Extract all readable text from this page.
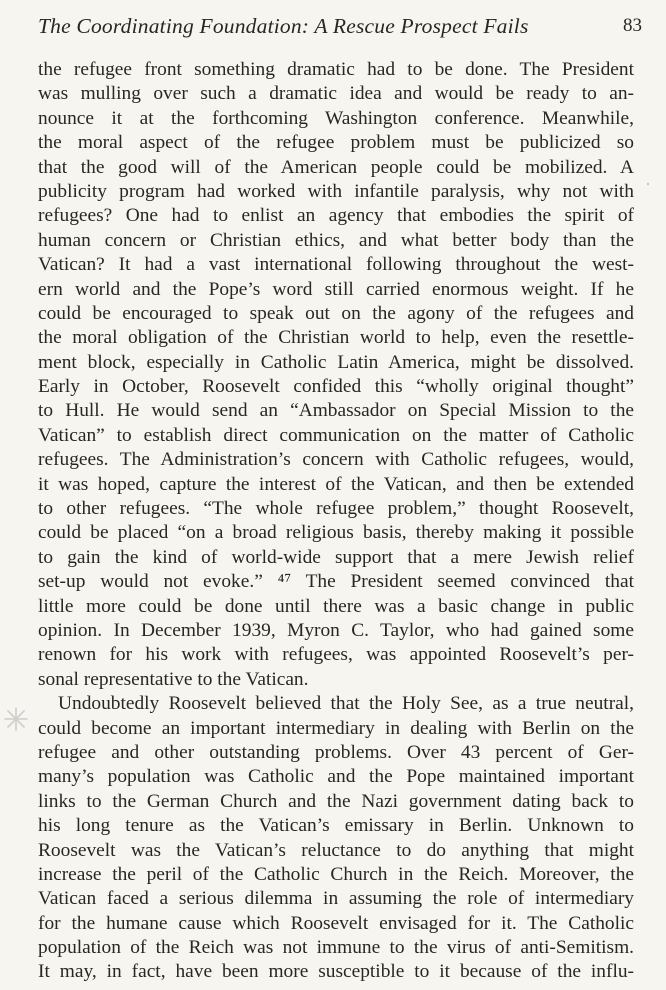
The Coordinating Foundation: A Rescue Prospect Fails	83
the refugee front something dramatic had to be done. The President
was mulling over such a dramatic idea and would be ready to an-
nounce it at the forthcoming Washington conference. Meanwhile,
the moral aspect of the refugee problem must be publicized so
that the good will of the American people could be mobilized. A
publicity program had worked with infantile paralysis, why not with
refugees? One had to enlist an agency that embodies the spirit of
human concern or Christian ethics, and what better body than the
Vatican? It had a vast international following throughout the west-
ern world and the Pope’s word still carried enormous weight. If he
could be encouraged to speak out on the agony of the refugees and
the moral obligation of the Christian world to help, even the resettle-
ment block, especially in Catholic Latin America, might be dissolved.
Early in October, Roosevelt confided this “wholly original thought”
to Hull. He would send an “Ambassador on Special Mission to the
Vatican” to establish direct communication on the matter of Catholic
refugees. The Administration’s concern with Catholic refugees, would,
it was hoped, capture the interest of the Vatican, and then be extended
to other refugees. “The whole refugee problem,” thought Roosevelt,
could be placed “on a broad religious basis, thereby making it possible
to gain the kind of world-wide support that a mere Jewish relief
set-up would not evoke.” ⁴⁷ The President seemed convinced that
little more could be done until there was a basic change in public
opinion. In December 1939, Myron C. Taylor, who had gained some
renown for his work with refugees, was appointed Roosevelt’s per-
sonal representative to the Vatican.
Undoubtedly Roosevelt believed that the Holy See, as a true neutral,
could become an important intermediary in dealing with Berlin on the
refugee and other outstanding problems. Over 43 percent of Ger-
many’s population was Catholic and the Pope maintained important
links to the German Church and the Nazi government dating back to
his long tenure as the Vatican’s emissary in Berlin. Unknown to
Roosevelt was the Vatican’s reluctance to do anything that might
increase the peril of the Catholic Church in the Reich. Moreover, the
Vatican faced a serious dilemma in assuming the role of intermediary
for the humane cause which Roosevelt envisaged for it. The Catholic
population of the Reich was not immune to the virus of anti-Semitism.
It may, in fact, have been more susceptible to it because of the influ-
